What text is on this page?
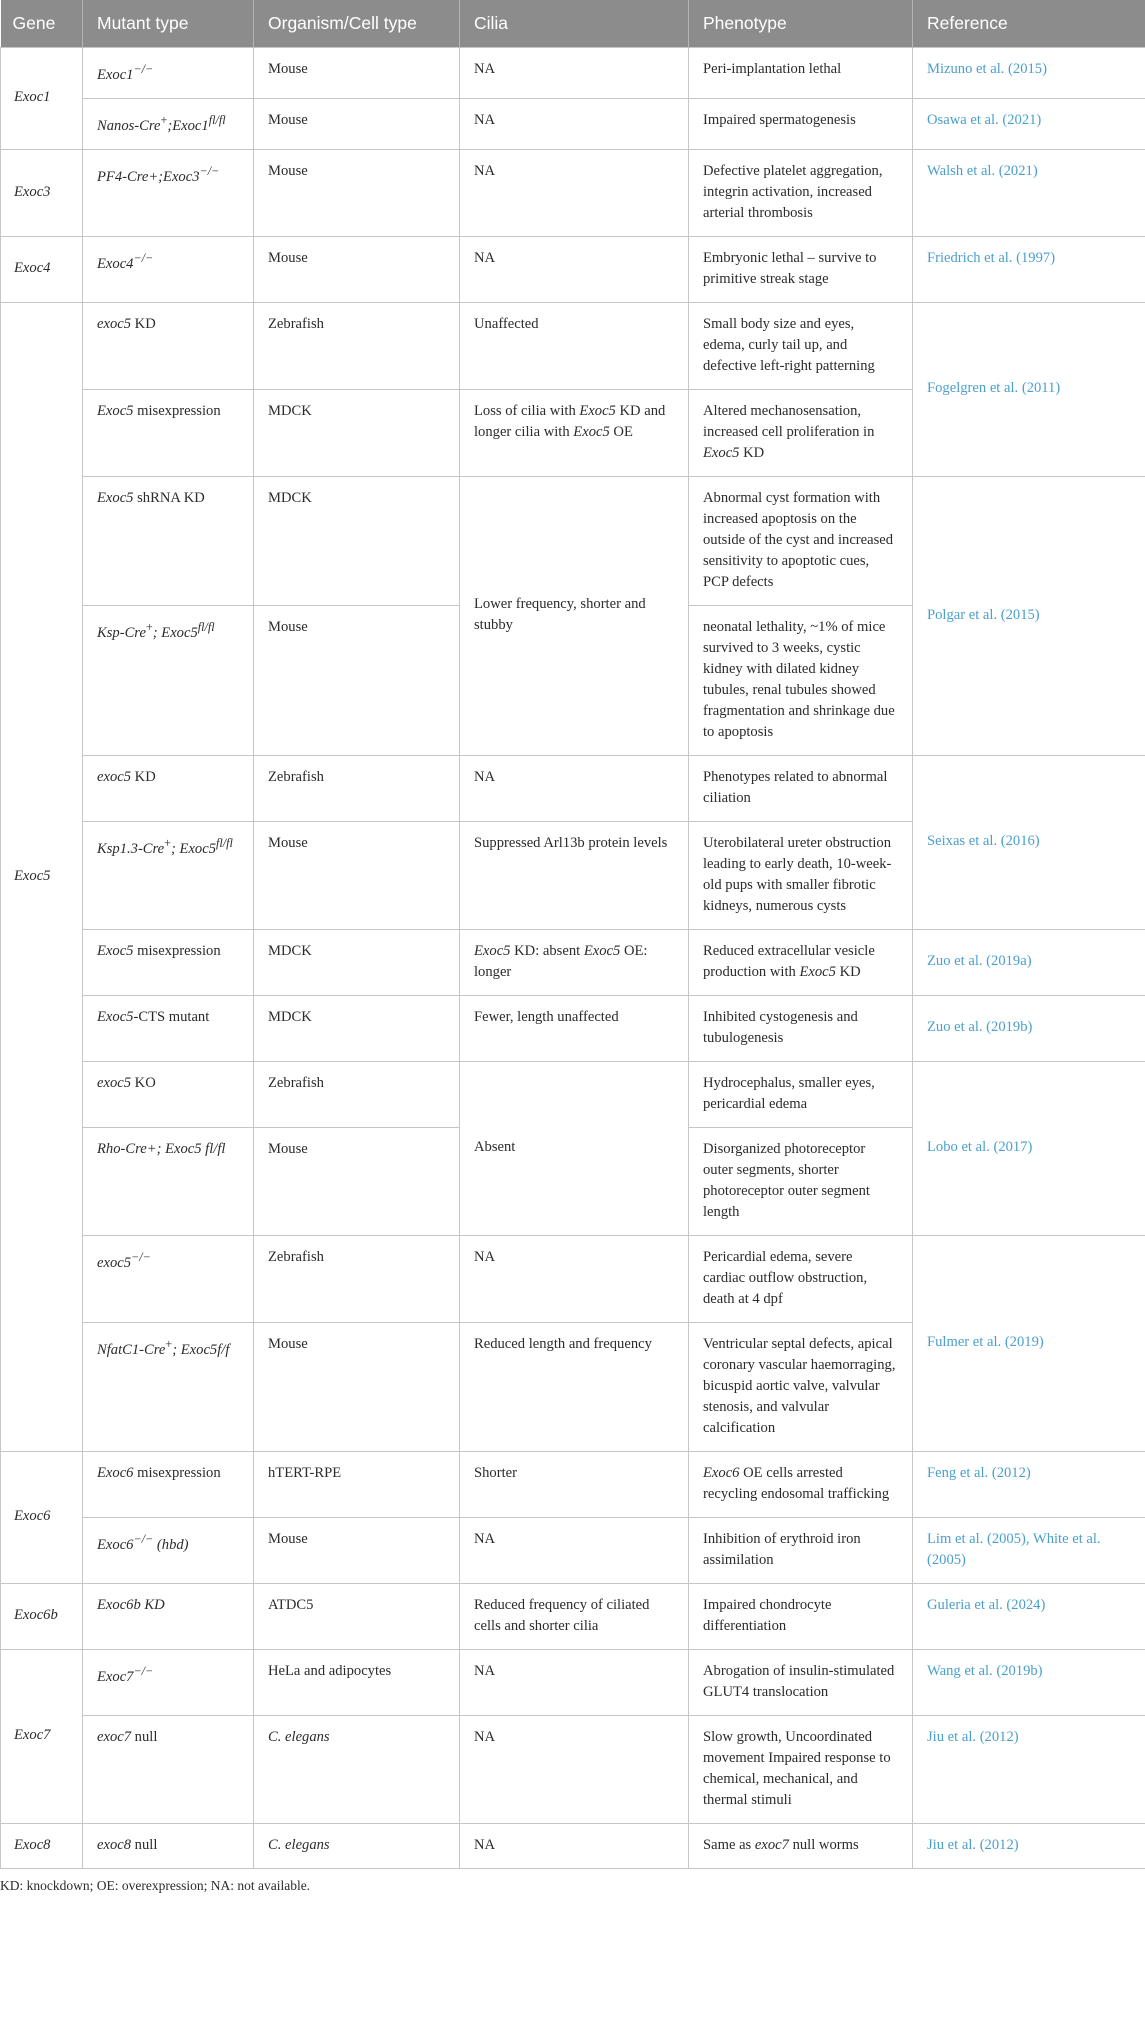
Gene	Mutant type	Organism/Cell type	Cilia	Phenotype	Reference
Exoc1	Exoc1−/−	Mouse	NA	Peri-implantation lethal	Mizuno et al. (2015)
	Nanos-$Cre^+;Exoc1^{fl/fl}$	Mouse	NA	Impaired spermatogenesis	Osawa et al. (2021)
Exoc3	PF4-Cre+;Exoc3−/−	Mouse	NA	Defective platelet aggregation, integrin activation, increased arterial thrombosis	Walsh et al. (2021)
Exoc4	Exoc4−/−	Mouse	NA	Embryonic lethal – survive to primitive streak stage	Friedrich et al. (1997)
Exoc5	exoc5 KD	Zebrafish	Unaffected	Small body size and eyes, edema, curly tail up, and defective left-right patterning	Fogelgren et al. (2011)
	Exoc5 misexpression	MDCK	Loss of cilia with Exoc5 KD and longer cilia with Exoc5 OE	Altered mechanosensation, increased cell proliferation in Exoc5 KD	
	Exoc5 shRNA KD	MDCK	Lower frequency, shorter and stubby	Abnormal cyst formation with increased apoptosis on the outside of the cyst and increased sensitivity to apoptotic cues, PCP defects	Polgar et al. (2015)
	Ksp-Cre+; $Exoc5^{fl/fl}$	Mouse		neonatal lethality, ~1% of mice survived to 3 weeks, cystic kidney with dilated kidney tubules, renal tubules showed fragmentation and shrinkage due to apoptosis	
	exoc5 KD	Zebrafish	NA	Phenotypes related to abnormal ciliation	Seixas et al. (2016)
	Ksp1.3-Cre+; $Exoc5^{fl/fl}$	Mouse	Suppressed Arl13b protein levels	Uterobilateral ureter obstruction leading to early death, 10-week-old pups with smaller fibrotic kidneys, numerous cysts	
	Exoc5 misexpression	MDCK	Exoc5 KD: absent Exoc5 OE: longer	Reduced extracellular vesicle production with Exoc5 KD	Zuo et al. (2019a)
	Exoc5-CTS mutant	MDCK	Fewer, length unaffected	Inhibited cystogenesis and tubulogenesis	Zuo et al. (2019b)
	exoc5 KO	Zebrafish	Absent	Hydrocephalus, smaller eyes, pericardial edema	Lobo et al. (2017)
	Rho-Cre+; Exoc5 fl/fl	Mouse		Disorganized photoreceptor outer segments, shorter photoreceptor outer segment length	
	exoc5−/−	Zebrafish	NA	Pericardial edema, severe cardiac outflow obstruction, death at 4 dpf	Fulmer et al. (2019)
	NfatC1-Cre+; Exoc5f/f	Mouse	Reduced length and frequency	Ventricular septal defects, apical coronary vascular haemorraging, bicuspid aortic valve, valvular stenosis, and valvular calcification	
Exoc6	Exoc6 misexpression	hTERT-RPE	Shorter	Exoc6 OE cells arrested recycling endosomal trafficking	Feng et al. (2012)
	Exoc6−/− (hbd)	Mouse	NA	Inhibition of erythroid iron assimilation	Lim et al. (2005), White et al. (2005)
Exoc6b	Exoc6b KD	ATDC5	Reduced frequency of ciliated cells and shorter cilia	Impaired chondrocyte differentiation	Guleria et al. (2024)
Exoc7	Exoc7−/−	HeLa and adipocytes	NA	Abrogation of insulin-stimulated GLUT4 translocation	Wang et al. (2019b)
	exoc7 null	C. elegans	NA	Slow growth, Uncoordinated movement Impaired response to chemical, mechanical, and thermal stimuli	Jiu et al. (2012)
Exoc8	exoc8 null	C. elegans	NA	Same as exoc7 null worms	Jiu et al. (2012)
KD: knockdown; OE: overexpression; NA: not available.
